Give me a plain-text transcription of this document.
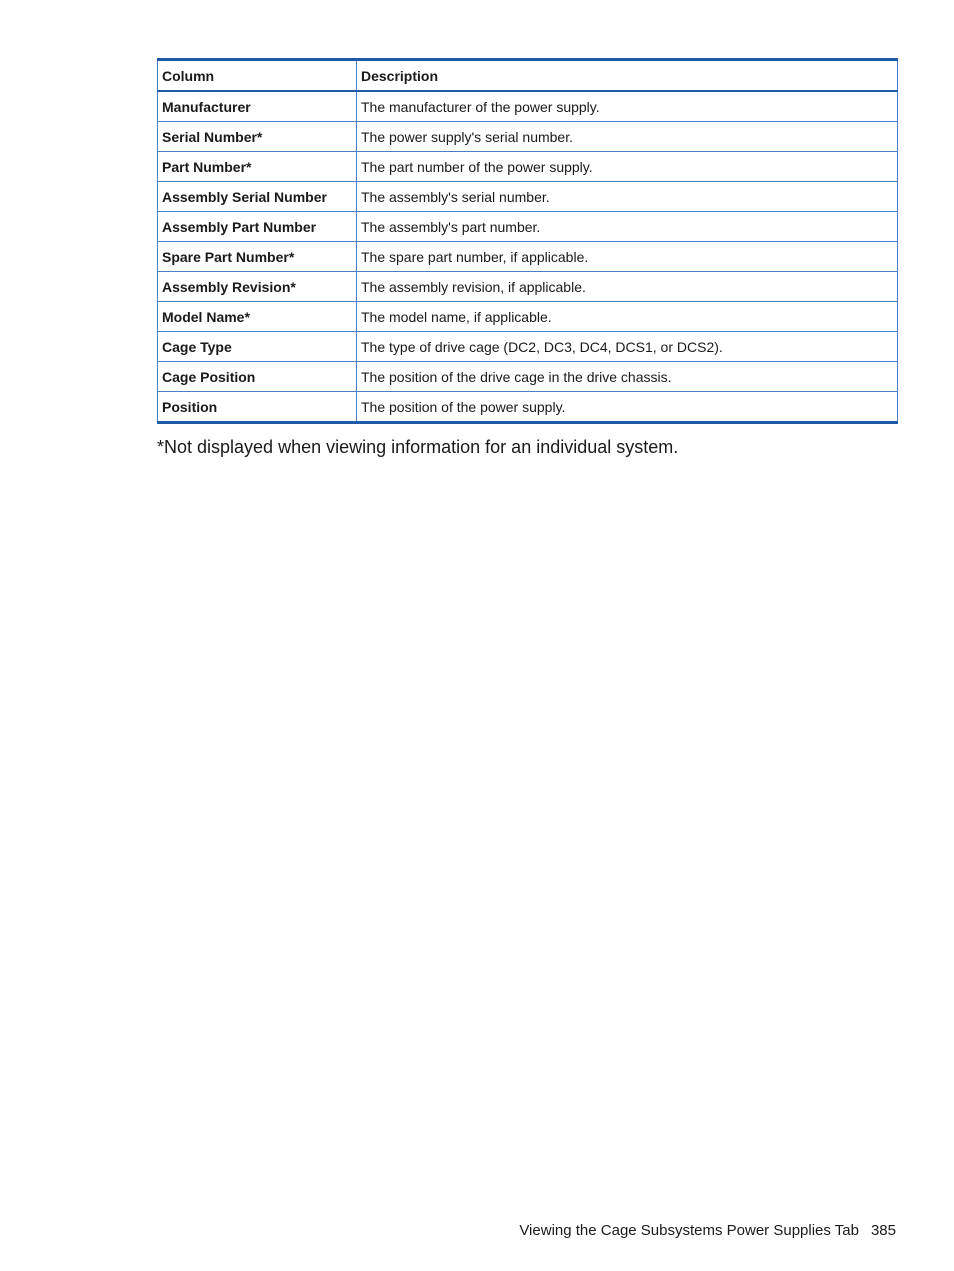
Column	Description
Manufacturer	The manufacturer of the power supply.
Serial Number*	The power supply's serial number.
Part Number*	The part number of the power supply.
Assembly Serial Number	The assembly's serial number.
Assembly Part Number	The assembly's part number.
Spare Part Number*	The spare part number, if applicable.
Assembly Revision*	The assembly revision, if applicable.
Model Name*	The model name, if applicable.
Cage Type	The type of drive cage (DC2, DC3, DC4, DCS1, or DCS2).
Cage Position	The position of the drive cage in the drive chassis.
Position	The position of the power supply.
*Not displayed when viewing information for an individual system.
Viewing the Cage Subsystems Power Supplies Tab 385
